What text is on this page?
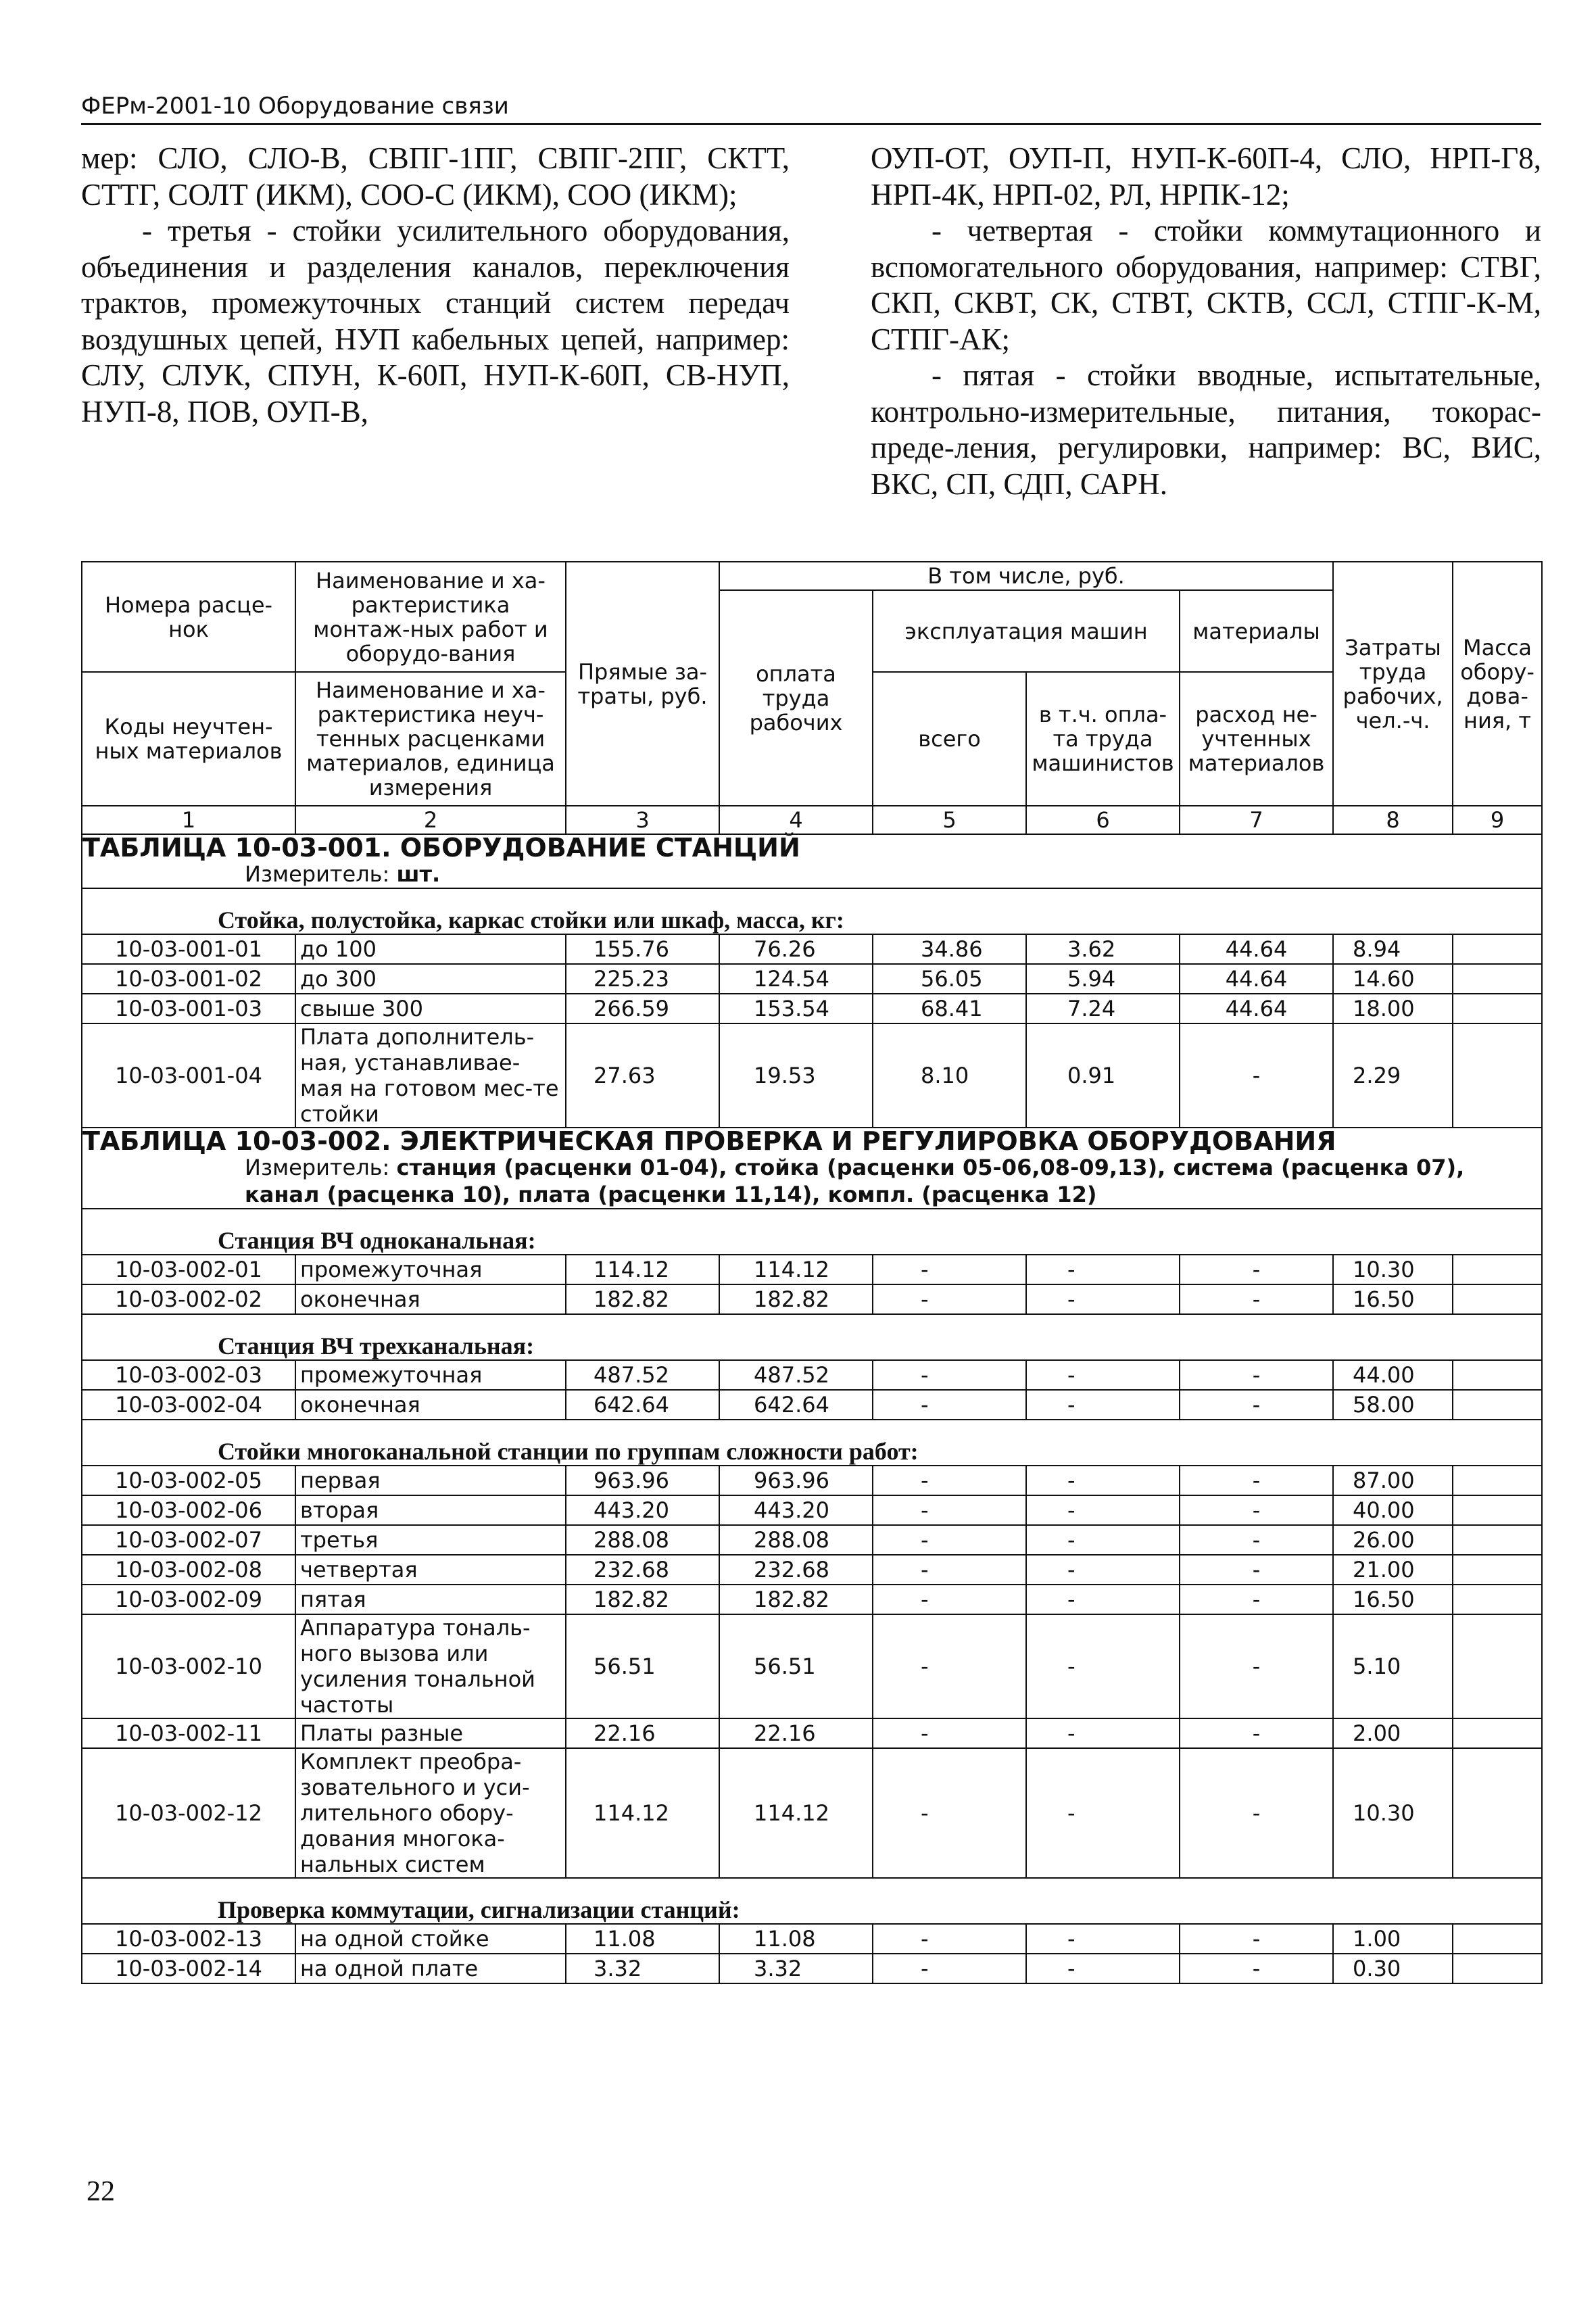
ФЕРм-2001-10 Оборудование связи

мер: СЛО, СЛО-В, СВПГ-1ПГ, СВПГ-2ПГ, СКТТ, СТТГ, СОЛТ (ИКМ), СОО-С (ИКМ), СОО (ИКМ);

- третья - стойки усилительного оборудования, объединения и разделения каналов, переключения трактов, промежуточных станций систем передач воздушных цепей, НУП кабельных цепей, например: СЛУ, СЛУК, СПУН, К-60П, НУП-К-60П, СВ-НУП, НУП-8, ПОВ, ОУП-В,

ОУП-ОТ, ОУП-П, НУП-К-60П-4, СЛО, НРП-Г8, НРП-4К, НРП-02, РЛ, НРПК-12;

- четвертая - стойки коммутационного и вспомогательного оборудования, например: СТВГ, СКП, СКВТ, СК, СТВТ, СКТВ, ССЛ, СТПГ-К-М, СТПГ-АК;

- пятая - стойки вводные, испытательные, контрольно-измерительные, питания, токорас-преде-ления, регулировки, например: ВС, ВИС, ВКС, СП, СДП, САРН.

Номера расце-нок	Наименование и ха-рактеристика монтаж-ных работ и оборудо-вания	Прямые за-траты, руб.	В том числе, руб.				Затраты труда рабочих, чел.-ч.	Масса обору-дова-ния, т
			оплата труда рабочих	эксплуатация машин		материалы		

Коды неучтен-ных материалов	Наименование и ха-рактеристика неуч-тенных расценками материалов, единица измерения			всего	в т.ч. опла-та труда машинистов	расход не-учтенных материалов		

1	2	3	4	5	6	7	8	9
ТАБЛИЦА 10-03-001. ОБОРУДОВАНИЕ СТАНЦИЙ
Измеритель: шт.								

Стойка, полустойка, каркас стойки или шкаф, масса, кг:								
10-03-001-01	до 100	155.76	76.26	34.86	3.62	44.64	8.94	
10-03-001-02	до 300	225.23	124.54	56.05	5.94	44.64	14.60	
10-03-001-03	свыше 300	266.59	153.54	68.41	7.24	44.64	18.00	
10-03-001-04	Плата дополнитель-ная, устанавливае-мая на готовом мес-те стойки	27.63	19.53	8.10	0.91	-	2.29	
ТАБЛИЦА 10-03-002. ЭЛЕКТРИЧЕСКАЯ ПРОВЕРКА И РЕГУЛИРОВКА ОБОРУДОВАНИЯ
Измеритель: станция (расценки 01-04), стойка (расценки 05-06,08-09,13), система (расценка 07), канал (расценка 10), плата (расценки 11,14), компл. (расценка 12)								

Станция ВЧ одноканальная:								
10-03-002-01	промежуточная	114.12	114.12	-	-	-	10.30	
10-03-002-02	оконечная	182.82	182.82	-	-	-	16.50	
Станция ВЧ трехканальная:								
10-03-002-03	промежуточная	487.52	487.52	-	-	-	44.00	
10-03-002-04	оконечная	642.64	642.64	-	-	-	58.00	
Стойки многоканальной станции по группам сложности работ:								
10-03-002-05	первая	963.96	963.96	-	-	-	87.00	
10-03-002-06	вторая	443.20	443.20	-	-	-	40.00	
10-03-002-07	третья	288.08	288.08	-	-	-	26.00	
10-03-002-08	четвертая	232.68	232.68	-	-	-	21.00	
10-03-002-09	пятая	182.82	182.82	-	-	-	16.50	
10-03-002-10	Аппаратура тональ-ного вызова или усиления тональной частоты	56.51	56.51	-	-	-	5.10	
10-03-002-11	Платы разные	22.16	22.16	-	-	-	2.00	
10-03-002-12	Комплект преобра-зовательного и уси-лительного обору-дования многока-нальных систем	114.12	114.12	-	-	-	10.30	
Проверка коммутации, сигнализации станций:								
10-03-002-13	на одной стойке	11.08	11.08	-	-	-	1.00	
10-03-002-14	на одной плате	3.32	3.32	-	-	-	0.30	
22
